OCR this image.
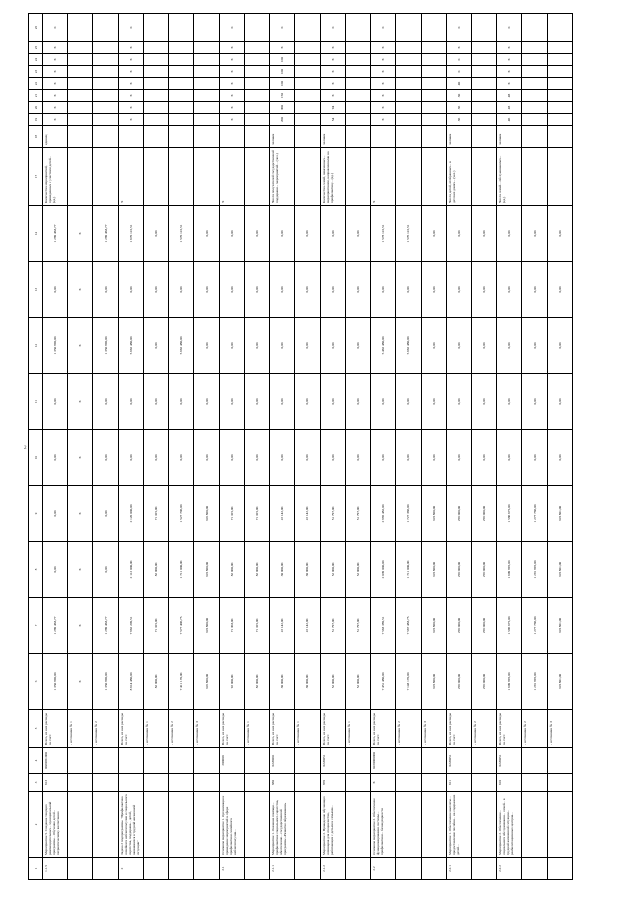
2
1	2	3	4	5	6	7	8	9	10	11	12	13	14	17	18	19	20	21	22	23	24	25	26
1.1.5	Мероприятие 5. Создание текущих рекомендательных... муниципальной программы... Обучение детей... патриотическому воспитанию	613	0020051000	Всего, из них расходы за счет:	1 350 990,00	1 289 463,77	0,00	0,00	0,00	0,00	1 350 990,00	0,00	1 289 463,77	Количество мероприятий, проведенных с участием детей... (ед.)	единиц	X	X	X	X	X	X	X	0
				- источники № 1	X	X	X	X	X	X	X	X	X										
				- источники № 2	1 350 990,00	1 289 463,77	0,00	0,00	0,00	0,00	1 350 990,00	0,00	1 289 463,77										
2	Задача 2 подпрограммы. "Профилактика семейного неблагополучия и социального сиротства, поддержка... детей, оказавшихся в трудной жизненной ситуации"			Всего, из них расходы за счет:	8 614 480,00	7 962 209,51	2 112 000,00	2 120 000,00	0,00	0,00	5 662 480,00	0,00	1 670 122,51	X		X	X	X	X	X	X	X	0
				- источники № 1	82 000,00	71 325,00	82 000,00	71 325,00	0,00	0,00	0,00	0,00	0,00										
				- источники № 2	7 411 170,00	7 577 406,75	1 711 000,00	1 527 706,00	0,00	0,00	5 662 480,00	0,00	1 570 122,51										
				- источники № 3	316 800,00	318 800,00	318 800,00	316 800,00	0,00	0,00	0,00	0,00	0,00										
2.1	Основное мероприятие 1. Организация и проведение мероприятий в сфере профилактики семейного неблагополучия...		200000	Всего, из них расходы за счет:	92 000,00	71 303,00	82 000,00	71 325,00	0,00	0,00	0,00	0,00	0,00	X		X	X	X	X	X	X	X	0
				- источники № 1	82 000,00	71 325,00	82 000,00	71 325,00	0,00	0,00	0,00	0,00	0,00										
2.1.1	Мероприятие 1. Оказание помощи... профилактике социального сиротства, обеспечение... государственной программы «Развитие образования»	830	0220001	Всего, из них расходы за счет:	30 000,00	22 142,00	30 000,00	22 142,00	0,00	0,00	0,00	0,00	0,00	Число получателей государственной поддержки... мероприятий... (чел.)	человек	200	300	150	100	100	100	X	0
				- источники № 1	30 000,00	22 142,00	30 000,00	22 142,00	0,00	0,00	0,00	0,00	0,00										
2.1.2	Мероприятие 2. Проведение обучающих семинаров для специалистов, работающих с детьми и семьями...	870	0220051	Всего, из них расходы за счет:	52 000,00	51 797,00	52 000,00	51 797,00	0,00	0,00	0,00	0,00	0,00	Количество семей, охваченных... мероприятиями, направленными на профилактику... (ед.)	человек	54	94	X	X	X	X	X	0
				- источники № 1	52 000,00	51 797,00	52 000,00	51 797,00	0,00	0,00	0,00	0,00	0,00										
2.2	Основное мероприятие 2. Обеспечение функционирования системы... профилактики... безнадзорности	X	0220000000	Всего, из них расходы за счет:	7 451 480,00	7 563 389,51	2 039 000,00	2 985 482,00	0,00	0,00	5 462 480,00	0,00	1 578 122,51	X		X	X	X	X	X	X	X	0
				- источники № 2	7 143 170,00	7 567 483,75	1 711 000,00	1 727 366,00	0,00	0,00	5 662 480,00	0,00	1 576 122,51										
				- источники № 3	318 800,00	318 800,00	318 800,00	318 800,00	0,00	0,00	0,00	0,00	0,00										
2.2.1	Мероприятие 1. Обеспечение выплаты... предоставление пособия... на содержание детей...	611	0220051	Всего, из них расходы за счет:	256 000,00	256 000,00	256 000,00	256 000,00	0,00	0,00	0,00	0,00	0,00	Число детей, отобранных... в детских домах... (чел.)	человек	36	36	30	40	0	0	X	0
				- источники № 2	256 000,00	256 000,00	256 000,00	256 000,00	0,00	0,00	0,00	0,00	0,00										
2.2.2	Мероприятие 2. Обеспечение... социального обслуживания... семей... в трудной жизненной ситуации... реабилитационных центров...	610	0220051	Всего, из них расходы за счет:	1 609 995,00	1 596 675,00	1 609 995,00	1 586 675,00	0,00	0,00	0,00	0,00	0,00	Число семей... обслуживаемых... (ед.)	человек	46	48	48	X	X	X	X	0
				- источники № 2	1 291 995,00	1 277 766,00	1 291 995,00	1 277 766,00	0,00	0,00	0,00	0,00	0,00										
				- источники № 3	318 801,00	318 801,00	318 801,00	318 801,00	0,00	0,00	0,00	0,00	0,00										
